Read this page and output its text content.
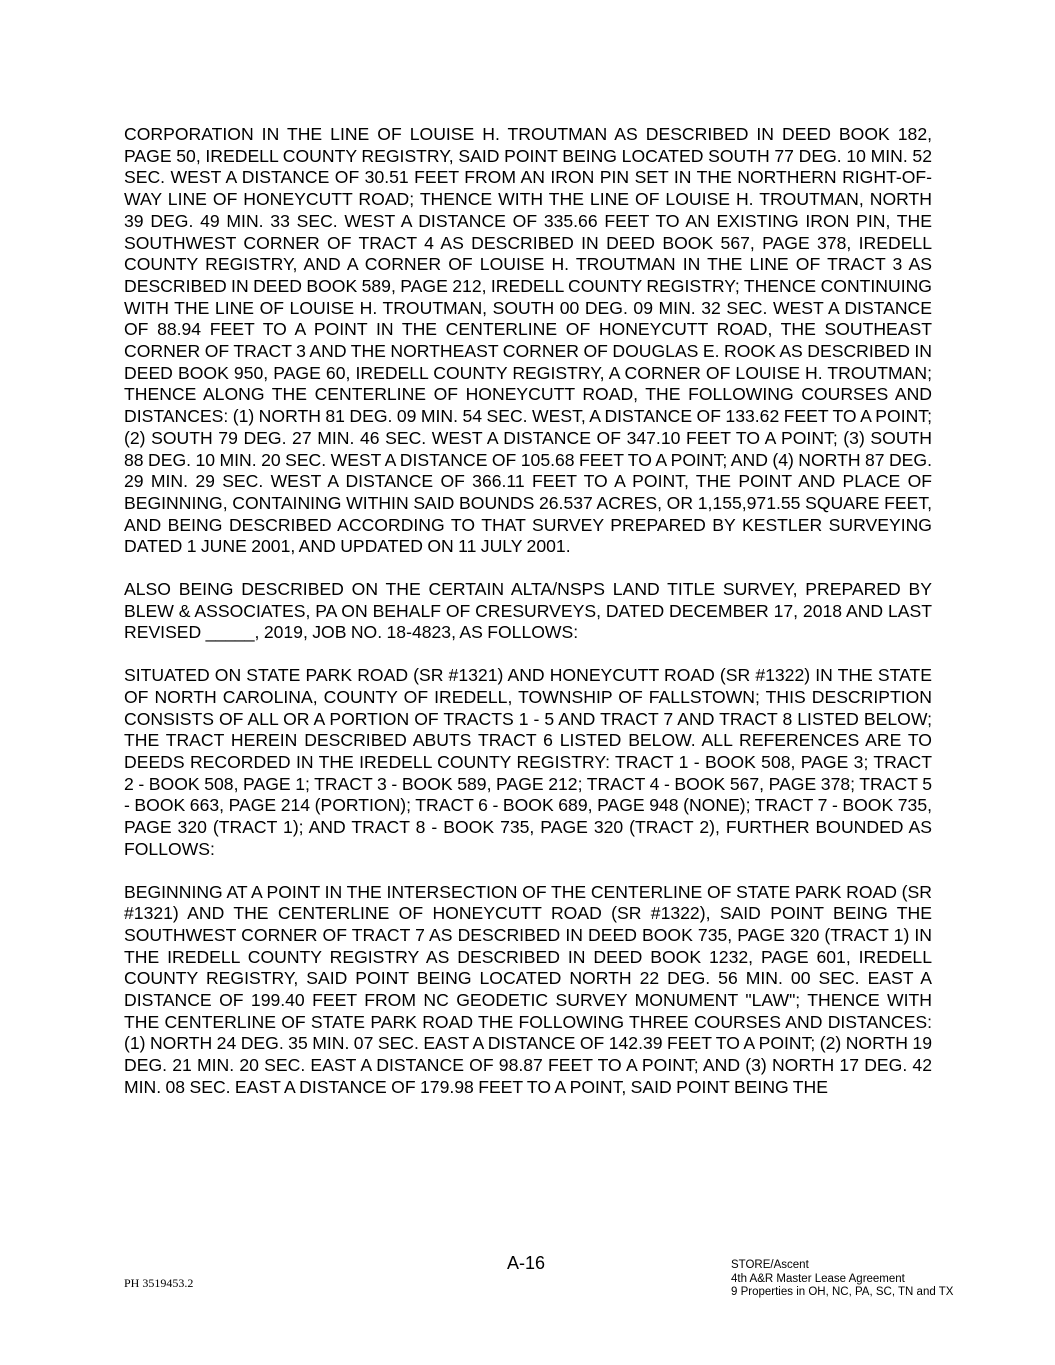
CORPORATION IN THE LINE OF LOUISE H. TROUTMAN AS DESCRIBED IN DEED BOOK 182, PAGE 50, IREDELL COUNTY REGISTRY, SAID POINT BEING LOCATED SOUTH 77 DEG. 10 MIN. 52 SEC. WEST A DISTANCE OF 30.51 FEET FROM AN IRON PIN SET IN THE NORTHERN RIGHT-OF-WAY LINE OF HONEYCUTT ROAD; THENCE WITH THE LINE OF LOUISE H. TROUTMAN, NORTH 39 DEG. 49 MIN. 33 SEC. WEST A DISTANCE OF 335.66 FEET TO AN EXISTING IRON PIN, THE SOUTHWEST CORNER OF TRACT 4 AS DESCRIBED IN DEED BOOK 567, PAGE 378, IREDELL COUNTY REGISTRY, AND A CORNER OF LOUISE H. TROUTMAN IN THE LINE OF TRACT 3 AS DESCRIBED IN DEED BOOK 589, PAGE 212, IREDELL COUNTY REGISTRY; THENCE CONTINUING WITH THE LINE OF LOUISE H. TROUTMAN, SOUTH 00 DEG. 09 MIN. 32 SEC. WEST A DISTANCE OF 88.94 FEET TO A POINT IN THE CENTERLINE OF HONEYCUTT ROAD, THE SOUTHEAST CORNER OF TRACT 3 AND THE NORTHEAST CORNER OF DOUGLAS E. ROOK AS DESCRIBED IN DEED BOOK 950, PAGE 60, IREDELL COUNTY REGISTRY, A CORNER OF LOUISE H. TROUTMAN; THENCE ALONG THE CENTERLINE OF HONEYCUTT ROAD, THE FOLLOWING COURSES AND DISTANCES: (1) NORTH 81 DEG. 09 MIN. 54 SEC. WEST, A DISTANCE OF 133.62 FEET TO A POINT; (2) SOUTH 79 DEG. 27 MIN. 46 SEC. WEST A DISTANCE OF 347.10 FEET TO A POINT; (3) SOUTH 88 DEG. 10 MIN. 20 SEC. WEST A DISTANCE OF 105.68 FEET TO A POINT; AND (4) NORTH 87 DEG. 29 MIN. 29 SEC. WEST A DISTANCE OF 366.11 FEET TO A POINT, THE POINT AND PLACE OF BEGINNING, CONTAINING WITHIN SAID BOUNDS 26.537 ACRES, OR 1,155,971.55 SQUARE FEET, AND BEING DESCRIBED ACCORDING TO THAT SURVEY PREPARED BY KESTLER SURVEYING DATED 1 JUNE 2001, AND UPDATED ON 11 JULY 2001.

ALSO BEING DESCRIBED ON THE CERTAIN ALTA/NSPS LAND TITLE SURVEY, PREPARED BY BLEW & ASSOCIATES, PA ON BEHALF OF CRESURVEYS, DATED DECEMBER 17, 2018 AND LAST REVISED _____, 2019, JOB NO. 18-4823, AS FOLLOWS:

SITUATED ON STATE PARK ROAD (SR #1321) AND HONEYCUTT ROAD (SR #1322) IN THE STATE OF NORTH CAROLINA, COUNTY OF IREDELL, TOWNSHIP OF FALLSTOWN; THIS DESCRIPTION CONSISTS OF ALL OR A PORTION OF TRACTS 1 - 5 AND TRACT 7 AND TRACT 8 LISTED BELOW; THE TRACT HEREIN DESCRIBED ABUTS TRACT 6 LISTED BELOW. ALL REFERENCES ARE TO DEEDS RECORDED IN THE IREDELL COUNTY REGISTRY: TRACT 1 - BOOK 508, PAGE 3; TRACT 2 - BOOK 508, PAGE 1; TRACT 3 - BOOK 589, PAGE 212; TRACT 4 - BOOK 567, PAGE 378; TRACT 5 - BOOK 663, PAGE 214 (PORTION); TRACT 6 - BOOK 689, PAGE 948 (NONE); TRACT 7 - BOOK 735, PAGE 320 (TRACT 1); AND TRACT 8 - BOOK 735, PAGE 320 (TRACT 2), FURTHER BOUNDED AS FOLLOWS:

BEGINNING AT A POINT IN THE INTERSECTION OF THE CENTERLINE OF STATE PARK ROAD (SR #1321) AND THE CENTERLINE OF HONEYCUTT ROAD (SR #1322), SAID POINT BEING THE SOUTHWEST CORNER OF TRACT 7 AS DESCRIBED IN DEED BOOK 735, PAGE 320 (TRACT 1) IN THE IREDELL COUNTY REGISTRY AS DESCRIBED IN DEED BOOK 1232, PAGE 601, IREDELL COUNTY REGISTRY, SAID POINT BEING LOCATED NORTH 22 DEG. 56 MIN. 00 SEC. EAST A DISTANCE OF 199.40 FEET FROM NC GEODETIC SURVEY MONUMENT "LAW"; THENCE WITH THE CENTERLINE OF STATE PARK ROAD THE FOLLOWING THREE COURSES AND DISTANCES: (1) NORTH 24 DEG. 35 MIN. 07 SEC. EAST A DISTANCE OF 142.39 FEET TO A POINT; (2) NORTH 19 DEG. 21 MIN. 20 SEC. EAST A DISTANCE OF 98.87 FEET TO A POINT; AND (3) NORTH 17 DEG. 42 MIN. 08 SEC. EAST A DISTANCE OF 179.98 FEET TO A POINT, SAID POINT BEING THE

A-16
PH 3519453.2
STORE/Ascent
4th A&R Master Lease Agreement
9 Properties in OH, NC, PA, SC, TN and TX
